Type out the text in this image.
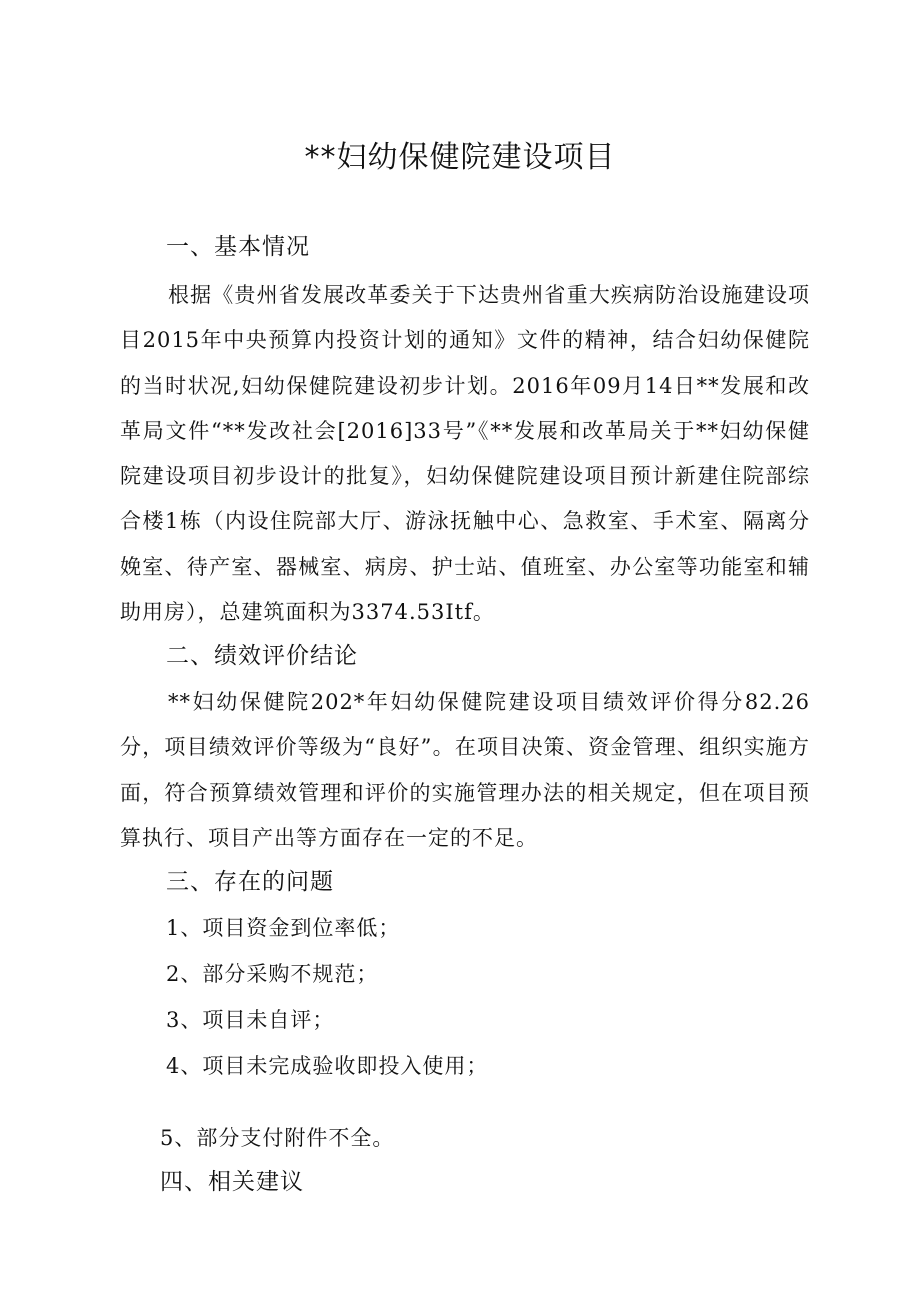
**妇幼保健院建设项目
一、基本情况

根据《贵州省发展改革委关于下达贵州省重大疾病防治设施建设项目2015年中央预算内投资计划的通知》文件的精神，结合妇幼保健院的当时状况,妇幼保健院建设初步计划。2016年09月14日**发展和改革局文件“**发改社会[2016]33号”《**发展和改革局关于**妇幼保健院建设项目初步设计的批复》，妇幼保健院建设项目预计新建住院部综合楼1栋（内设住院部大厅、游泳抚触中心、急救室、手术室、隔离分娩室、待产室、器械室、病房、护士站、值班室、办公室等功能室和辅助用房），总建筑面积为3374.53Itf。

二、绩效评价结论

**妇幼保健院202*年妇幼保健院建设项目绩效评价得分82.26分，项目绩效评价等级为“良好”。在项目决策、资金管理、组织实施方面，符合预算绩效管理和评价的实施管理办法的相关规定，但在项目预算执行、项目产出等方面存在一定的不足。

三、存在的问题
1、项目资金到位率低；
2、部分采购不规范；
3、项目未自评；
4、项目未完成验收即投入使用；
5、部分支付附件不全。
四、相关建议
